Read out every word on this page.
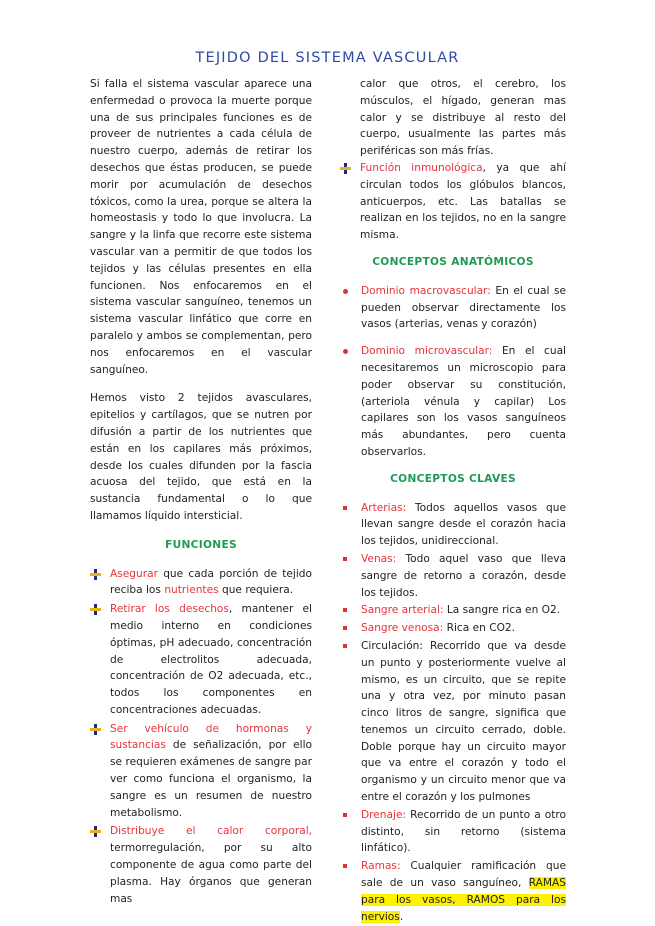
TEJIDO DEL SISTEMA VASCULAR

Si falla el sistema vascular aparece una enfermedad o provoca la muerte porque una de sus principales funciones es de proveer de nutrientes a cada célula de nuestro cuerpo, además de retirar los desechos que éstas producen, se puede morir por acumulación de desechos tóxicos, como la urea, porque se altera la homeostasis y todo lo que involucra. La sangre y la linfa que recorre este sistema vascular van a permitir de que todos los tejidos y las células presentes en ella funcionen. Nos enfocaremos en el sistema vascular sanguíneo, tenemos un sistema vascular linfático que corre en paralelo y ambos se complementan, pero nos enfocaremos en el vascular sanguíneo.

Hemos visto 2 tejidos avasculares, epitelios y cartílagos, que se nutren por difusión a partir de los nutrientes que están en los capilares más próximos, desde los cuales difunden por la fascia acuosa del tejido, que está en la sustancia fundamental o lo que llamamos líquido intersticial.

FUNCIONES
Asegurar que cada porción de tejido reciba los nutrientes que requiera.
Retirar los desechos, mantener el medio interno en condiciones óptimas, pH adecuado, concentración de electrolitos adecuada, concentración de O2 adecuada, etc., todos los componentes en concentraciones adecuadas.
Ser vehículo de hormonas y sustancias de señalización, por ello se requieren exámenes de sangre par ver como funciona el organismo, la sangre es un resumen de nuestro metabolismo.
Distribuye el calor corporal, termorregulación, por su alto componente de agua como parte del plasma. Hay órganos que generan mas
calor que otros, el cerebro, los músculos, el hígado, generan mas calor y se distribuye al resto del cuerpo, usualmente las partes más periféricas son más frías.
Función inmunológica, ya que ahí circulan todos los glóbulos blancos, anticuerpos, etc. Las batallas se realizan en los tejidos, no en la sangre misma.
CONCEPTOS ANATÓMICOS
Dominio macrovascular: En el cual se pueden observar directamente los vasos (arterias, venas y corazón)
Dominio microvascular: En el cual necesitaremos un microscopio para poder observar su constitución, (arteriola vénula y capilar) Los capilares son los vasos sanguíneos más abundantes, pero cuenta observarlos.
CONCEPTOS CLAVES
Arterias: Todos aquellos vasos que llevan sangre desde el corazón hacia los tejidos, unidireccional.
Venas: Todo aquel vaso que lleva sangre de retorno a corazón, desde los tejidos.
Sangre arterial: La sangre rica en O2.
Sangre venosa: Rica en CO2.
Circulación: Recorrido que va desde un punto y posteriormente vuelve al mismo, es un circuito, que se repite una y otra vez, por minuto pasan cinco litros de sangre, significa que tenemos un circuito cerrado, doble. Doble porque hay un circuito mayor que va entre el corazón y todo el organismo y un circuito menor que va entre el corazón y los pulmones
Drenaje: Recorrido de un punto a otro distinto, sin retorno (sistema linfático).
Ramas: Cualquier ramificación que sale de un vaso sanguíneo, RAMAS para los vasos, RAMOS para los nervios.
